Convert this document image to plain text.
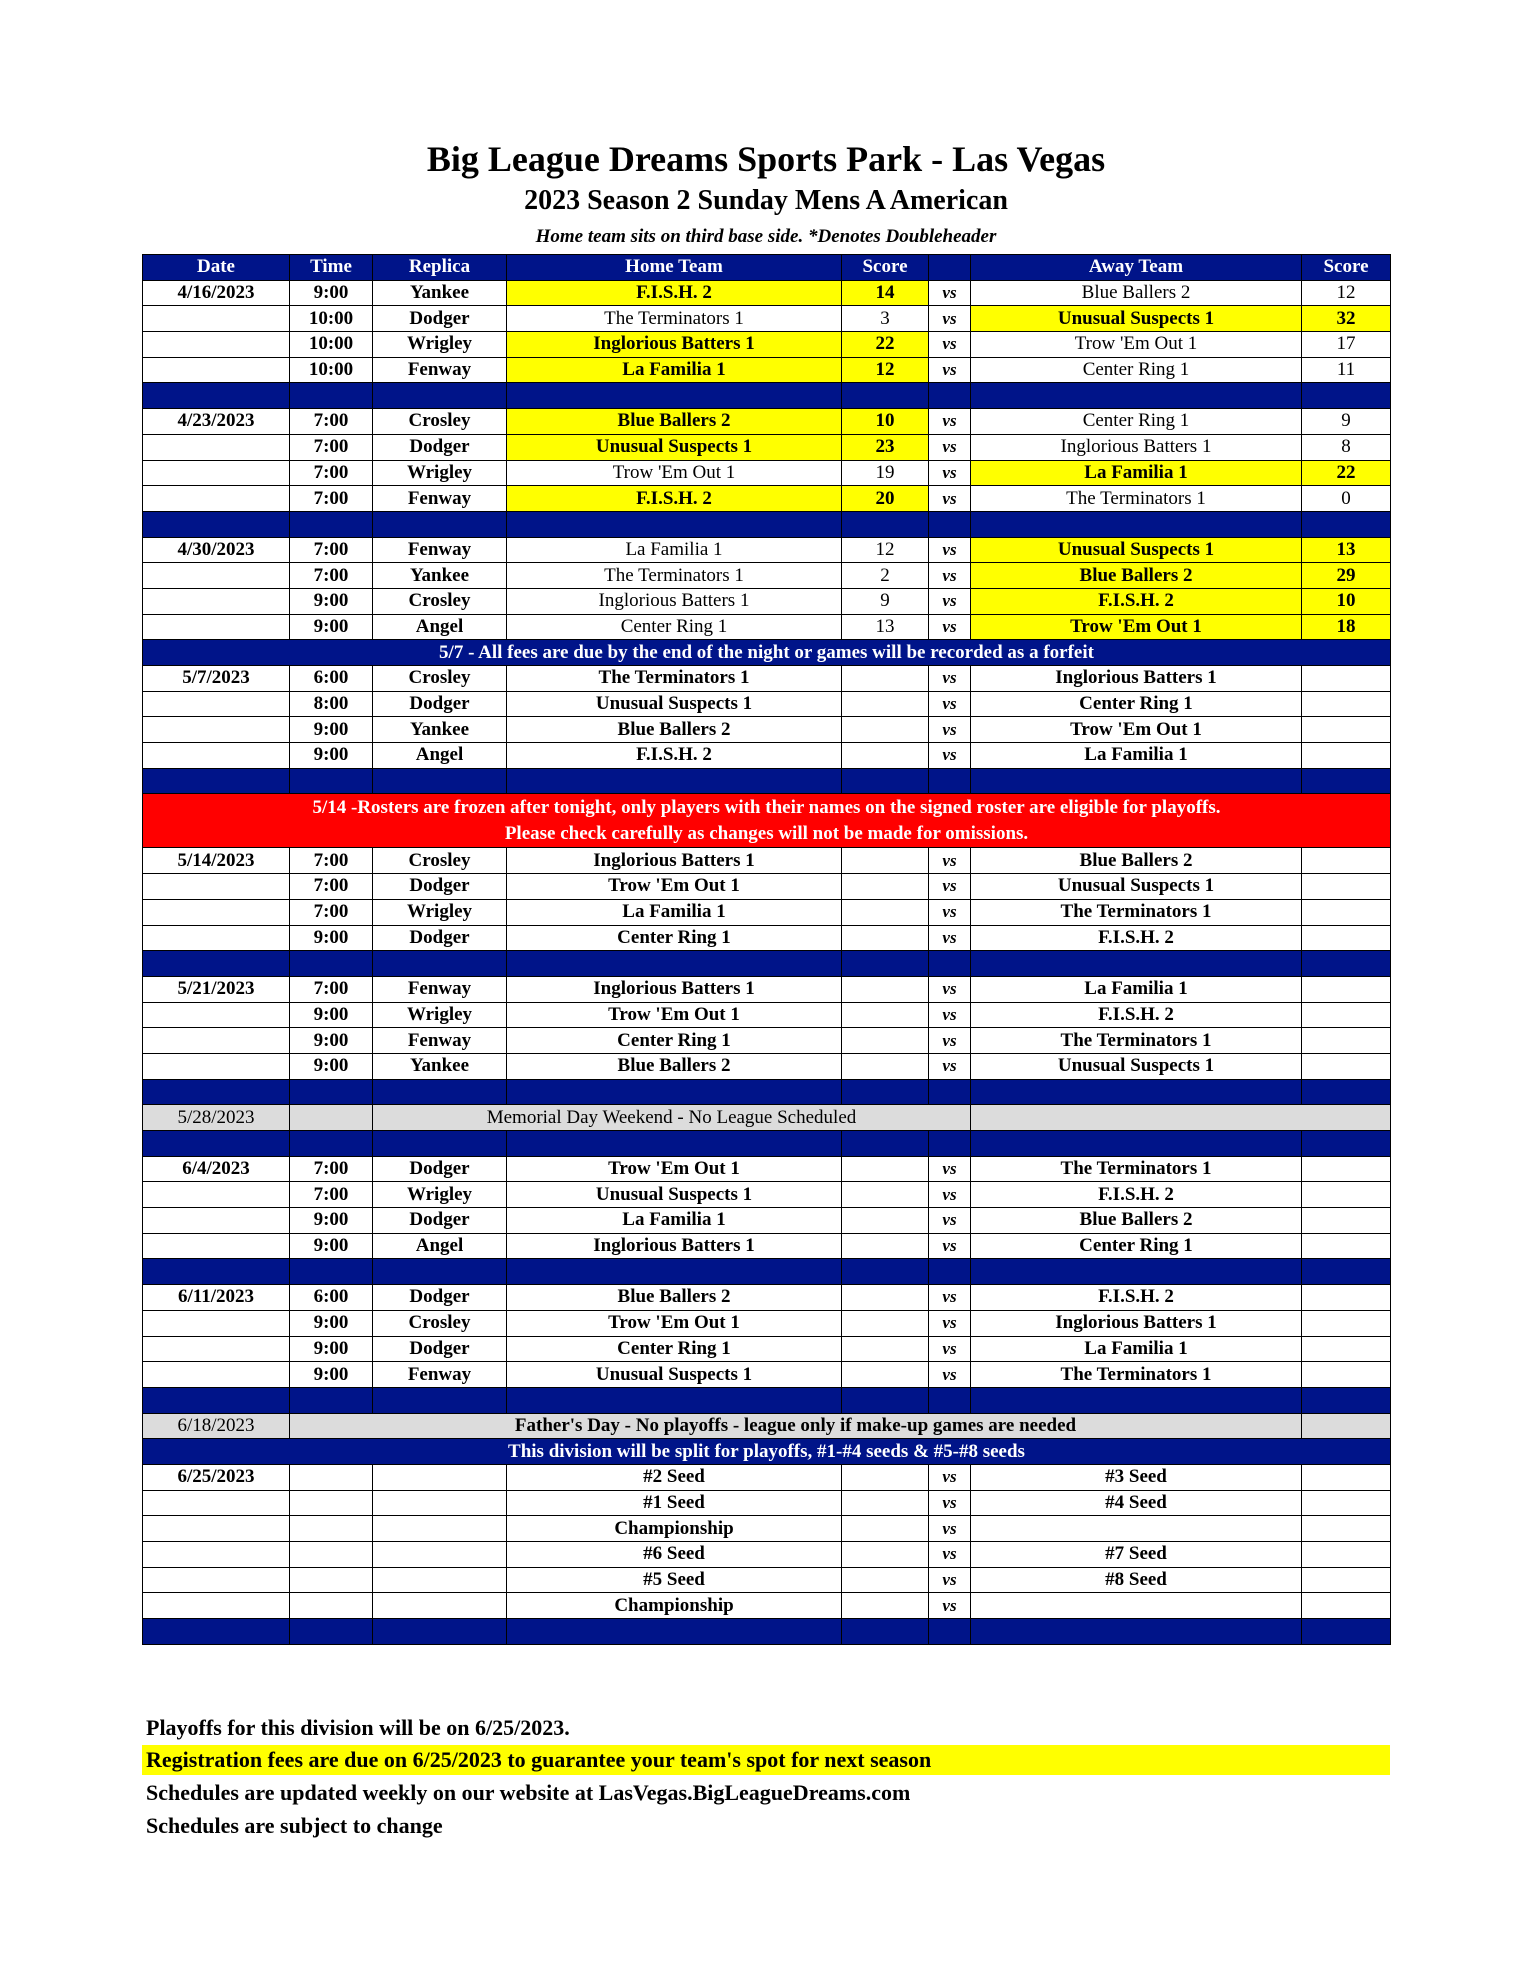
Big League Dreams Sports Park - Las Vegas
2023 Season 2 Sunday Mens A American
Home team sits on third base side. *Denotes Doubleheader
Date	Time	Replica	Home Team	Score		Away Team	Score
4/16/2023	9:00	Yankee	F.I.S.H. 2	14	vs	Blue Ballers 2	12
	10:00	Dodger	The Terminators 1	3	vs	Unusual Suspects 1	32
	10:00	Wrigley	Inglorious Batters 1	22	vs	Trow 'Em Out 1	17
	10:00	Fenway	La Familia 1	12	vs	Center Ring 1	11

4/23/2023	7:00	Crosley	Blue Ballers 2	10	vs	Center Ring 1	9
	7:00	Dodger	Unusual Suspects 1	23	vs	Inglorious Batters 1	8
	7:00	Wrigley	Trow 'Em Out 1	19	vs	La Familia 1	22
	7:00	Fenway	F.I.S.H. 2	20	vs	The Terminators 1	0

4/30/2023	7:00	Fenway	La Familia 1	12	vs	Unusual Suspects 1	13
	7:00	Yankee	The Terminators 1	2	vs	Blue Ballers 2	29
	9:00	Crosley	Inglorious Batters 1	9	vs	F.I.S.H. 2	10
	9:00	Angel	Center Ring 1	13	vs	Trow 'Em Out 1	18
5/7 - All fees are due by the end of the night or games will be recorded as a forfeit							
5/7/2023	6:00	Crosley	The Terminators 1		vs	Inglorious Batters 1	
	8:00	Dodger	Unusual Suspects 1		vs	Center Ring 1	
	9:00	Yankee	Blue Ballers 2		vs	Trow 'Em Out 1	
	9:00	Angel	F.I.S.H. 2		vs	La Familia 1	

5/14 -Rosters are frozen after tonight, only players with their names on the signed roster are eligible for playoffs.
Please check carefully as changes will not be made for omissions.							

5/14/2023	7:00	Crosley	Inglorious Batters 1		vs	Blue Ballers 2	
	7:00	Dodger	Trow 'Em Out 1		vs	Unusual Suspects 1	
	7:00	Wrigley	La Familia 1		vs	The Terminators 1	
	9:00	Dodger	Center Ring 1		vs	F.I.S.H. 2	

5/21/2023	7:00	Fenway	Inglorious Batters 1		vs	La Familia 1	
	9:00	Wrigley	Trow 'Em Out 1		vs	F.I.S.H. 2	
	9:00	Fenway	Center Ring 1		vs	The Terminators 1	
	9:00	Yankee	Blue Ballers 2		vs	Unusual Suspects 1	

5/28/2023		Memorial Day Weekend - No League Scheduled					

6/4/2023	7:00	Dodger	Trow 'Em Out 1		vs	The Terminators 1	
	7:00	Wrigley	Unusual Suspects 1		vs	F.I.S.H. 2	
	9:00	Dodger	La Familia 1		vs	Blue Ballers 2	
	9:00	Angel	Inglorious Batters 1		vs	Center Ring 1	

6/11/2023	6:00	Dodger	Blue Ballers 2		vs	F.I.S.H. 2	
	9:00	Crosley	Trow 'Em Out 1		vs	Inglorious Batters 1	
	9:00	Dodger	Center Ring 1		vs	La Familia 1	
	9:00	Fenway	Unusual Suspects 1		vs	The Terminators 1	

6/18/2023	Father's Day - No playoffs - league only if make-up games are needed						
This division will be split for playoffs, #1-#4 seeds & #5-#8 seeds							
6/25/2023			#2 Seed		vs	#3 Seed	
			#1 Seed		vs	#4 Seed	
			Championship		vs		
			#6 Seed		vs	#7 Seed	
			#5 Seed		vs	#8 Seed	
			Championship		vs		

Playoffs for this division will be on 6/25/2023.
Registration fees are due on 6/25/2023 to guarantee your team's spot for next season
Schedules are updated weekly on our website at LasVegas.BigLeagueDreams.com
Schedules are subject to change
